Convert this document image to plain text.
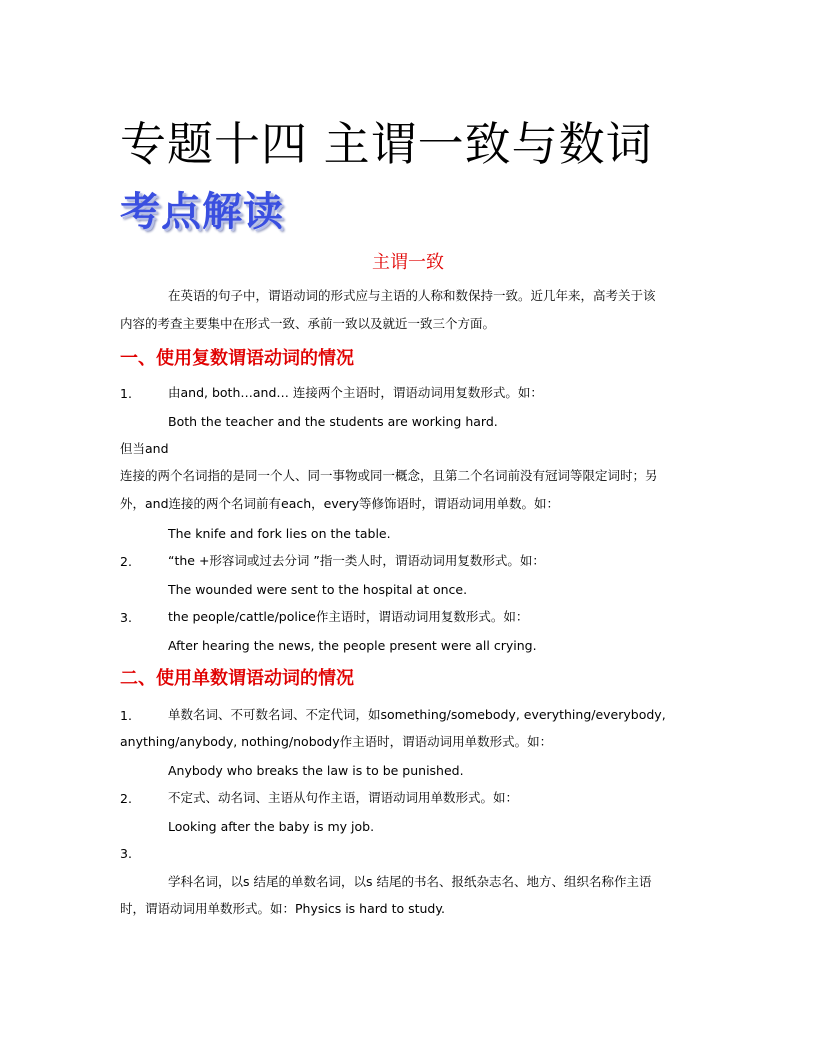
专题十四 主谓一致与数词
考点解读
主谓一致
在英语的句子中，谓语动词的形式应与主语的人称和数保持一致。近几年来，高考关于该
内容的考查主要集中在形式一致、承前一致以及就近一致三个方面。
一、使用复数谓语动词的情况
1.	由and, both…and… 连接两个主语时，谓语动词用复数形式。如：
Both the teacher and the students are working hard.
但当and
连接的两个名词指的是同一个人、同一事物或同一概念，且第二个名词前没有冠词等限定词时；另
外，and连接的两个名词前有each，every等修饰语时，谓语动词用单数。如：
The knife and fork lies on the table.
2.	“the +形容词或过去分词 ”指一类人时，谓语动词用复数形式。如：
The wounded were sent to the hospital at once.
3.	the people/cattle/police作主语时，谓语动词用复数形式。如：
After hearing the news, the people present were all crying.
二、使用单数谓语动词的情况
1.	单数名词、不可数名词、不定代词，如something/somebody, everything/everybody,
anything/anybody, nothing/nobody作主语时，谓语动词用单数形式。如：
Anybody who breaks the law is to be punished.
2.	不定式、动名词、主语从句作主语，谓语动词用单数形式。如：
Looking after the baby is my job.
3.
学科名词，以s 结尾的单数名词，以s 结尾的书名、报纸杂志名、地方、组织名称作主语
时，谓语动词用单数形式。如：Physics is hard to study.
